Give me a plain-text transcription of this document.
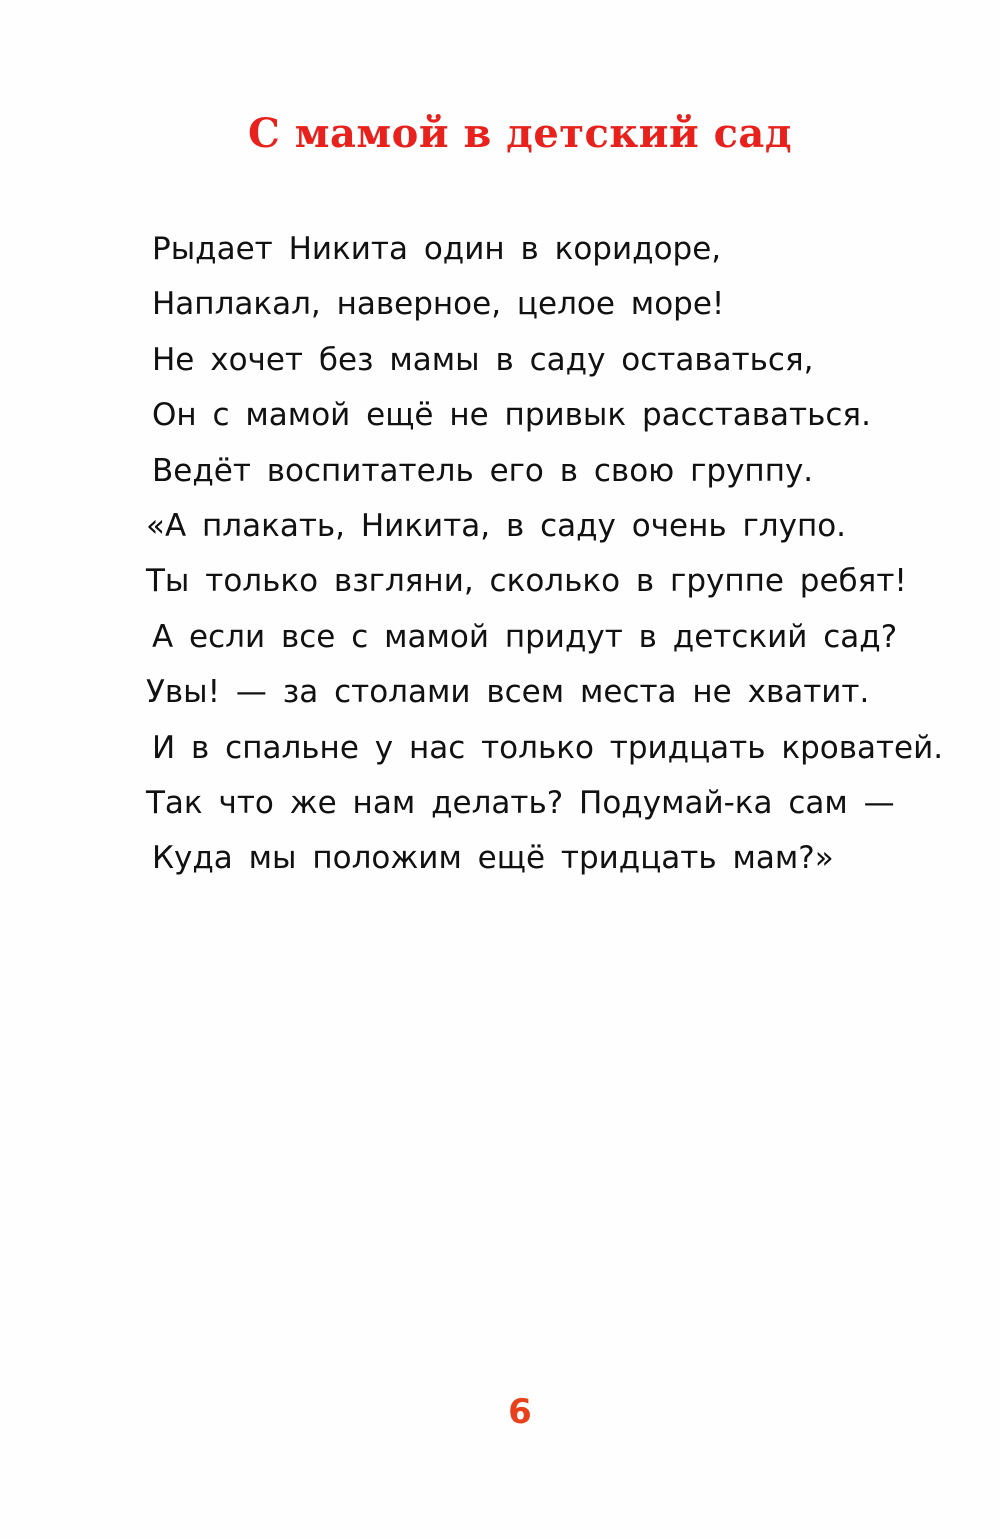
С мамой в детский сад
Рыдает Никита один в коридоре,
Наплакал, наверное, целое море!
Не хочет без мамы в саду оставаться,
Он с мамой ещё не привык расставаться.
Ведёт воспитатель его в свою группу.
«А плакать, Никита, в саду очень глупо.
Ты только взгляни, сколько в группе ребят!
А если все с мамой придут в детский сад?
Увы! — за столами всем места не хватит.
И в спальне у нас только тридцать кроватей.
Так что же нам делать? Подумай-ка сам —
Куда мы положим ещё тридцать мам?»
6
